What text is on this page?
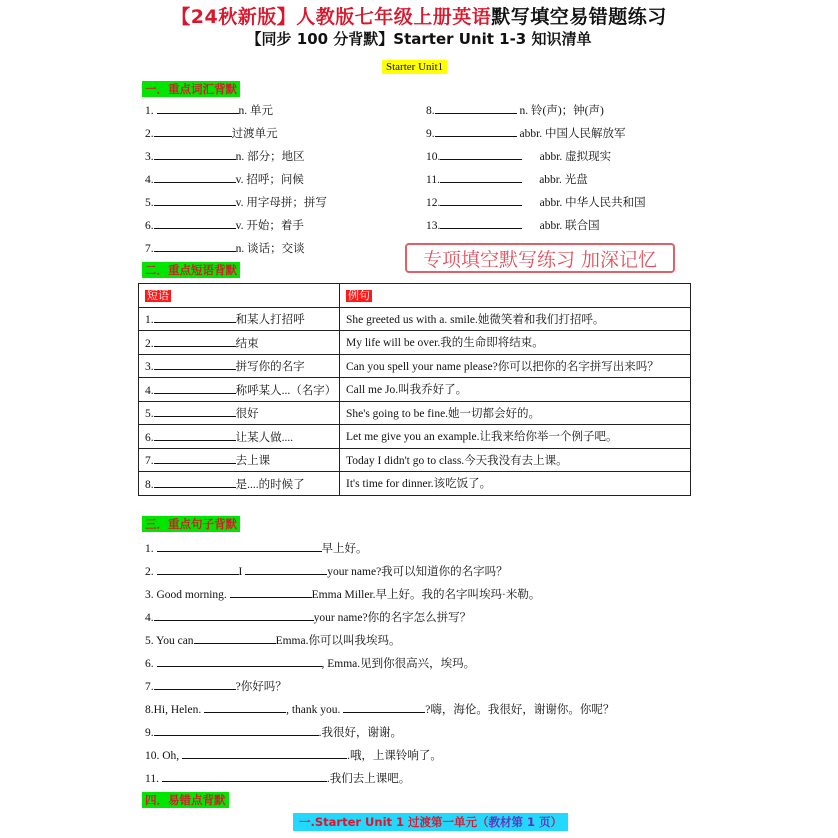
【24秋新版】人教版七年级上册英语默写填空易错题练习
【同步 100 分背默】Starter Unit 1-3 知识清单
Starter Unit1
一．重点词汇背默
1.	n. 单元
2.	过渡单元
3.	n. 部分；地区
4.	v. 招呼；问候
5.	v. 用字母拼；拼写
6.	v. 开始；着手
7.	n. 谈话；交谈
8.	n. 铃(声)；钟(声)
9.	abbr. 中国人民解放军
10.	abbr. 虚拟现实
11.	abbr. 光盘
12.	abbr. 中华人民共和国
13.	abbr. 联合国
专项填空默写练习 加深记忆
二．重点短语背默
短语	例句
1. 和某人打招呼	She greeted us with a. smile.她微笑着和我们打招呼。
2. 结束	My life will be over.我的生命即将结束。
3. 拼写你的名字	Can you spell your name please?你可以把你的名字拼写出来吗？
4. 称呼某人...（名字）	Call me Jo.叫我乔好了。
5. 很好	She's going to be fine.她一切都会好的。
6. 让某人做....	Let me give you an example.让我来给你举一个例子吧。
7. 去上课	Today I didn't go to class.今天我没有去上课。
8. 是....的时候了	It's time for dinner.该吃饭了。
三．重点句子背默
1.	早上好。
2.	I	your name?我可以知道你的名字吗？
3. Good morning.	Emma Miller.早上好。我的名字叫埃玛·米勒。
4.	your name?你的名字怎么拼写？
5. You can	Emma.你可以叫我埃玛。
6.	, Emma.见到你很高兴，埃玛。
7.	?你好吗？
8.Hi, Helen.	, thank you.	?嗨，海伦。我很好，谢谢你。你呢？
9.	.我很好，谢谢。
10. Oh,	.哦，上课铃响了。
11.	.我们去上课吧。
四．易错点背默
一.Starter Unit 1 过渡第一单元（教材第 1 页）
